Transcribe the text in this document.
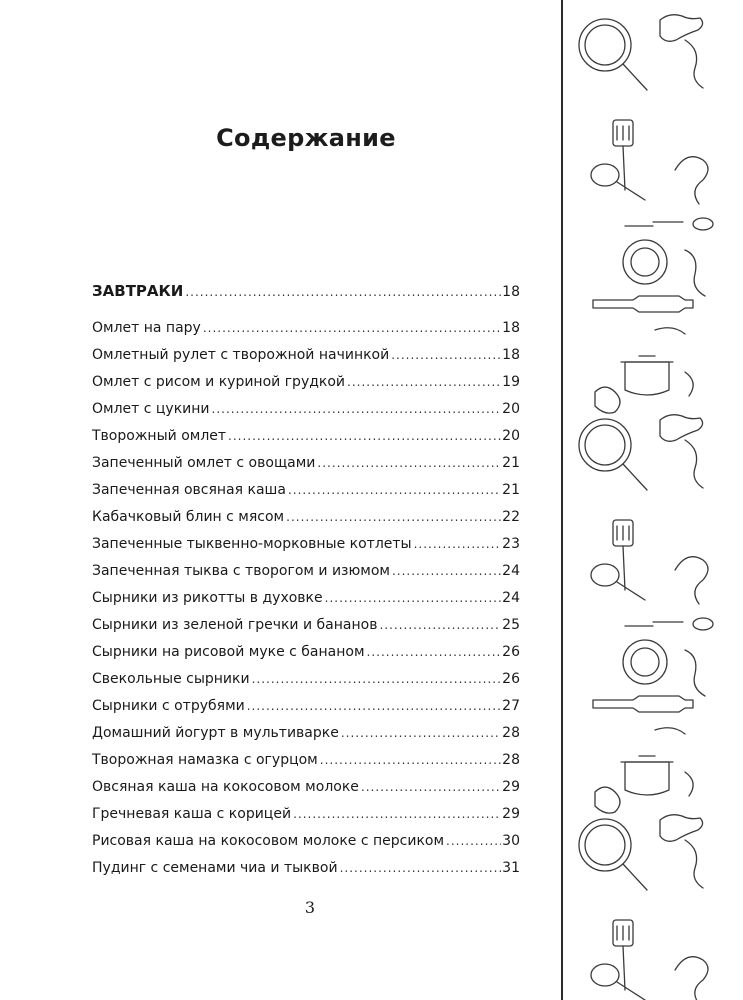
Содержание
ЗАВТРАКИ .....	18
Омлет на пару .....	18
Омлетный рулет с творожной начинкой .....	18
Омлет с рисом и куриной грудкой .....	19
Омлет с цукини .....	20
Творожный омлет .....	20
Запеченный омлет с овощами .....	21
Запеченная овсяная каша .....	21
Кабачковый блин с мясом .....	22
Запеченные тыквенно-морковные котлеты .....	23
Запеченная тыква с творогом и изюмом .....	24
Сырники из рикотты в духовке .....	24
Сырники из зеленой гречки и бананов .....	25
Сырники на рисовой муке с бананом .....	26
Свекольные сырники .....	26
Сырники с отрубями .....	27
Домашний йогурт в мультиварке .....	28
Творожная намазка с огурцом .....	28
Овсяная каша на кокосовом молоке .....	29
Гречневая каша с корицей .....	29
Рисовая каша на кокосовом молоке с персиком .....	30
Пудинг с семенами чиа и тыквой .....	31
3
